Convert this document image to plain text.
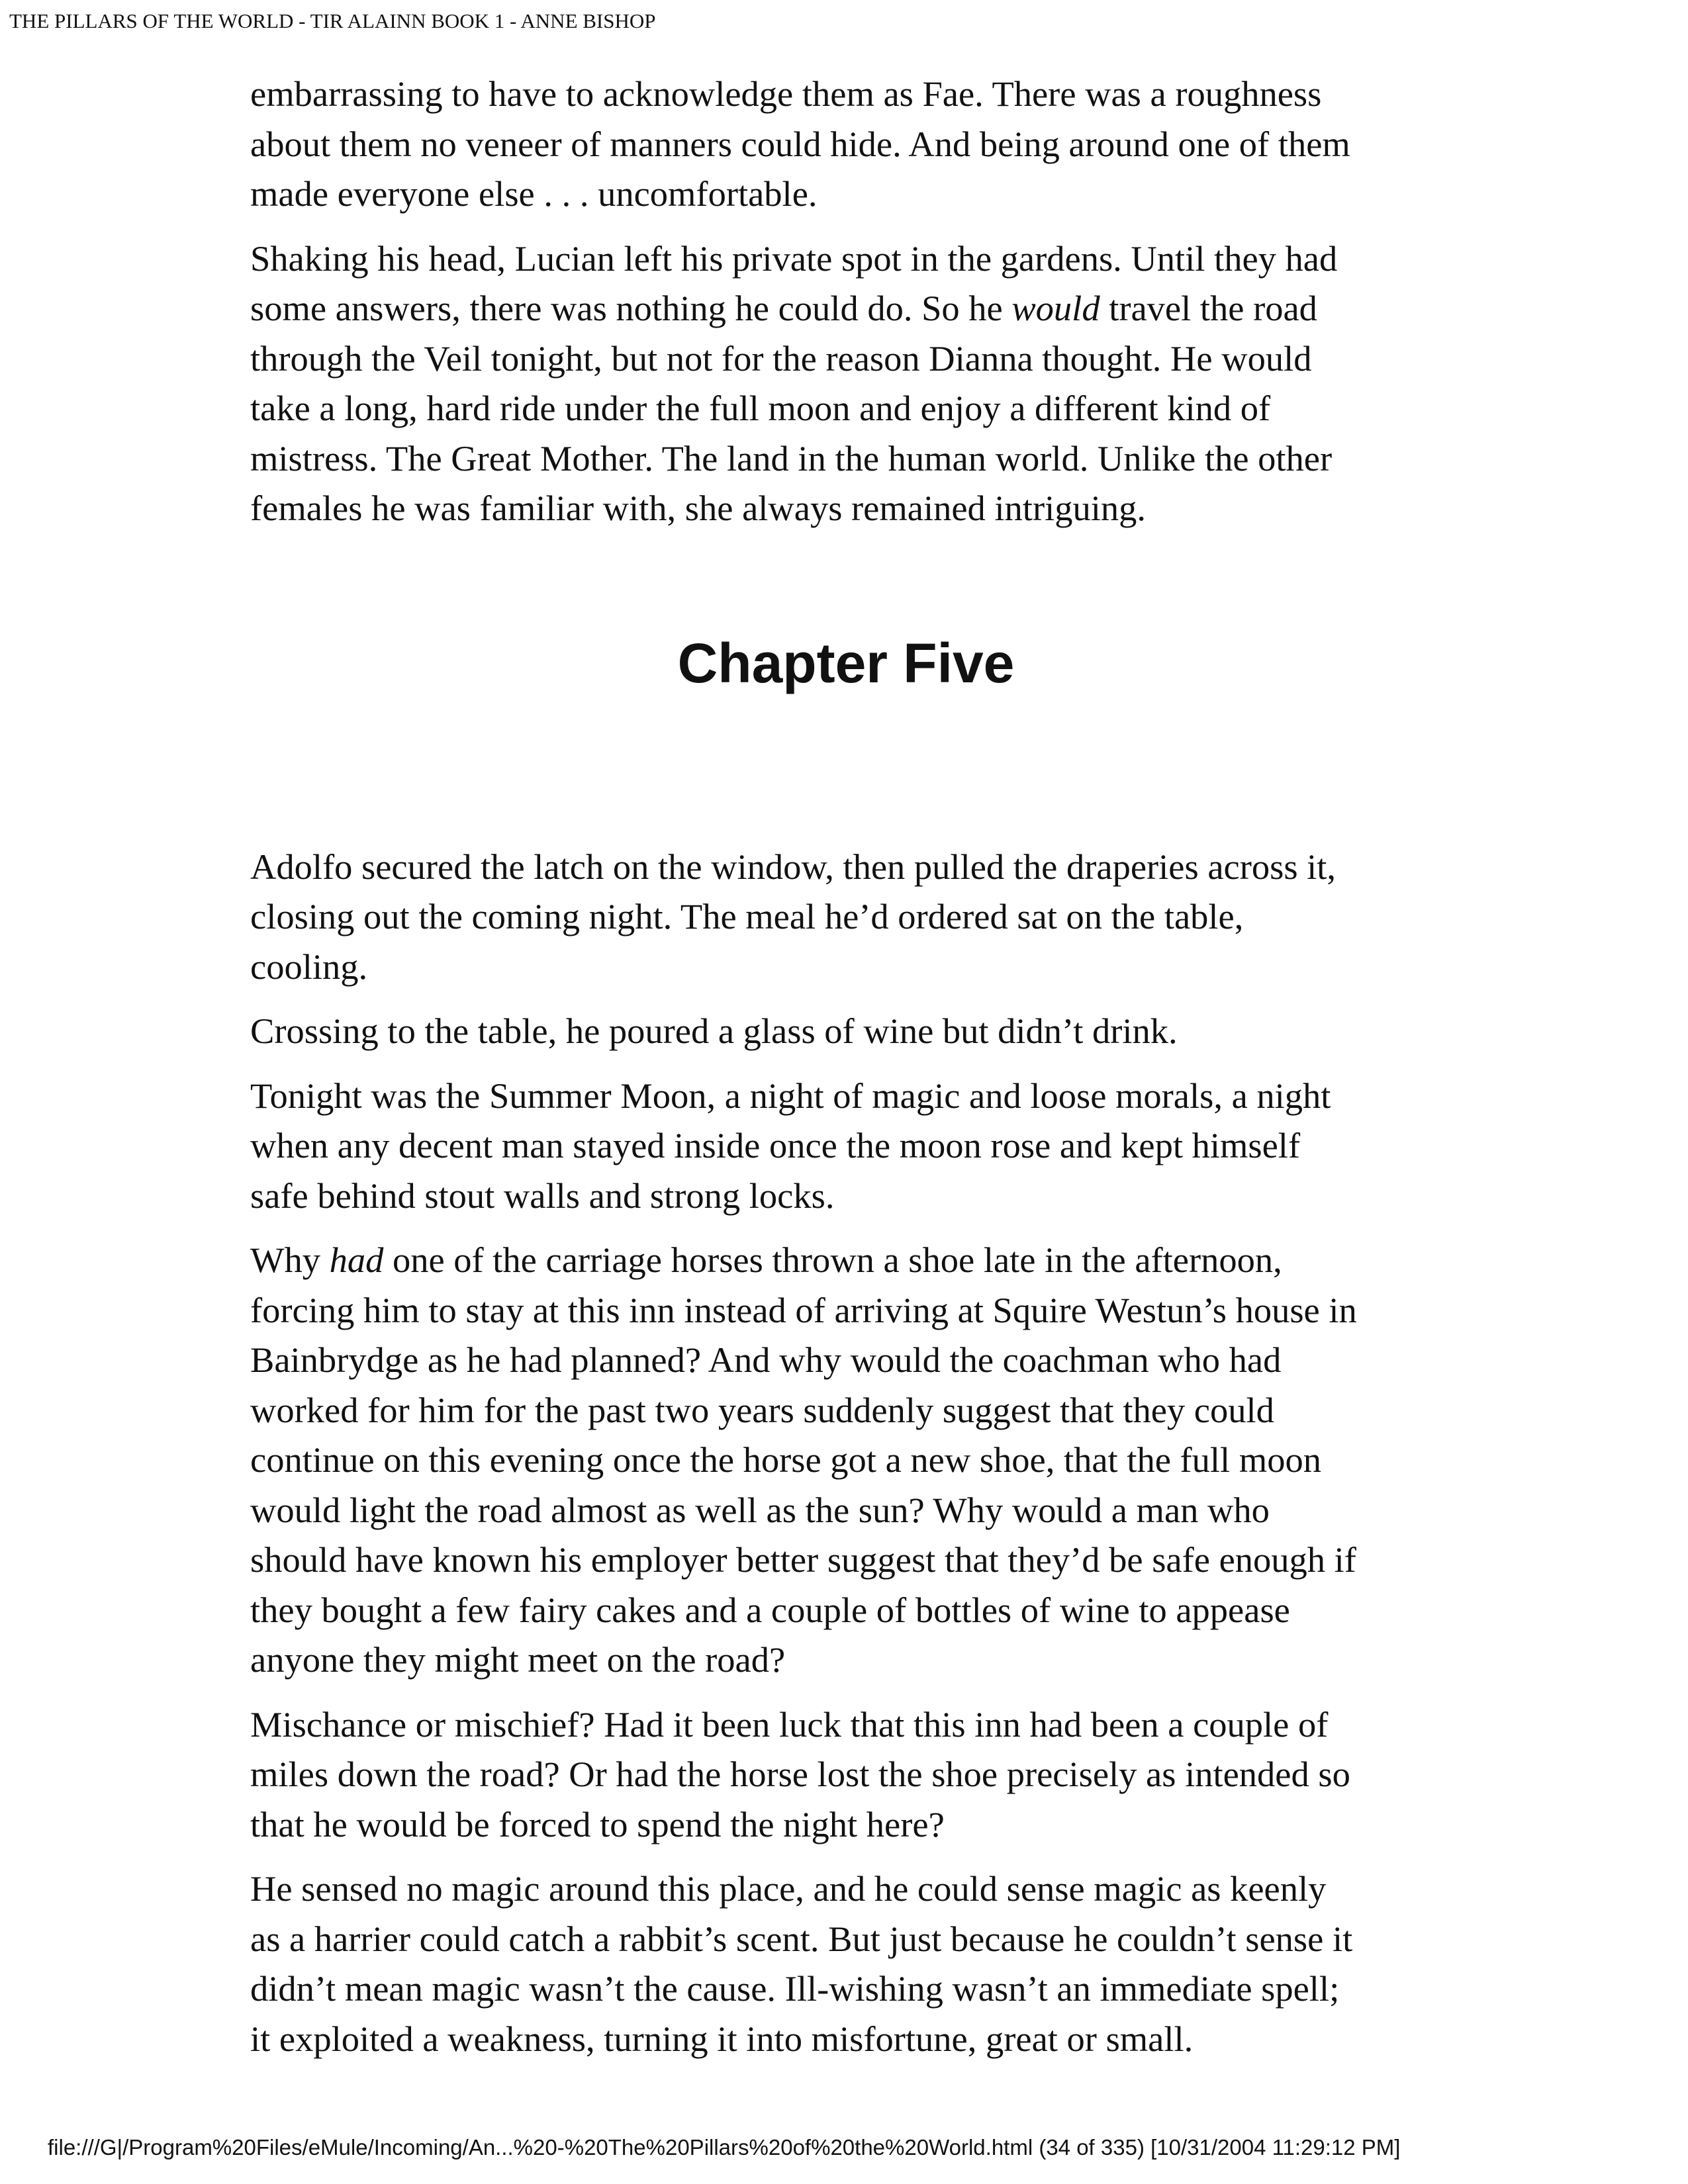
THE PILLARS OF THE WORLD - TIR ALAINN BOOK 1 - ANNE BISHOP

embarrassing to have to acknowledge them as Fae. There was a roughness
about them no veneer of manners could hide. And being around one of them
made everyone else . . . uncomfortable.

Shaking his head, Lucian left his private spot in the gardens. Until they had
some answers, there was nothing he could do. So he would travel the road
through the Veil tonight, but not for the reason Dianna thought. He would
take a long, hard ride under the full moon and enjoy a different kind of
mistress. The Great Mother. The land in the human world. Unlike the other
females he was familiar with, she always remained intriguing.

Chapter Five

Adolfo secured the latch on the window, then pulled the draperies across it,
closing out the coming night. The meal he’d ordered sat on the table,
cooling.

Crossing to the table, he poured a glass of wine but didn’t drink.

Tonight was the Summer Moon, a night of magic and loose morals, a night
when any decent man stayed inside once the moon rose and kept himself
safe behind stout walls and strong locks.

Why had one of the carriage horses thrown a shoe late in the afternoon,
forcing him to stay at this inn instead of arriving at Squire Westun’s house in
Bainbrydge as he had planned? And why would the coachman who had
worked for him for the past two years suddenly suggest that they could
continue on this evening once the horse got a new shoe, that the full moon
would light the road almost as well as the sun? Why would a man who
should have known his employer better suggest that they’d be safe enough if
they bought a few fairy cakes and a couple of bottles of wine to appease
anyone they might meet on the road?

Mischance or mischief? Had it been luck that this inn had been a couple of
miles down the road? Or had the horse lost the shoe precisely as intended so
that he would be forced to spend the night here?

He sensed no magic around this place, and he could sense magic as keenly
as a harrier could catch a rabbit’s scent. But just because he couldn’t sense it
didn’t mean magic wasn’t the cause. Ill-wishing wasn’t an immediate spell;
it exploited a weakness, turning it into misfortune, great or small.

file:///G|/Program%20Files/eMule/Incoming/An...%20-%20The%20Pillars%20of%20the%20World.html (34 of 335) [10/31/2004 11:29:12 PM]
